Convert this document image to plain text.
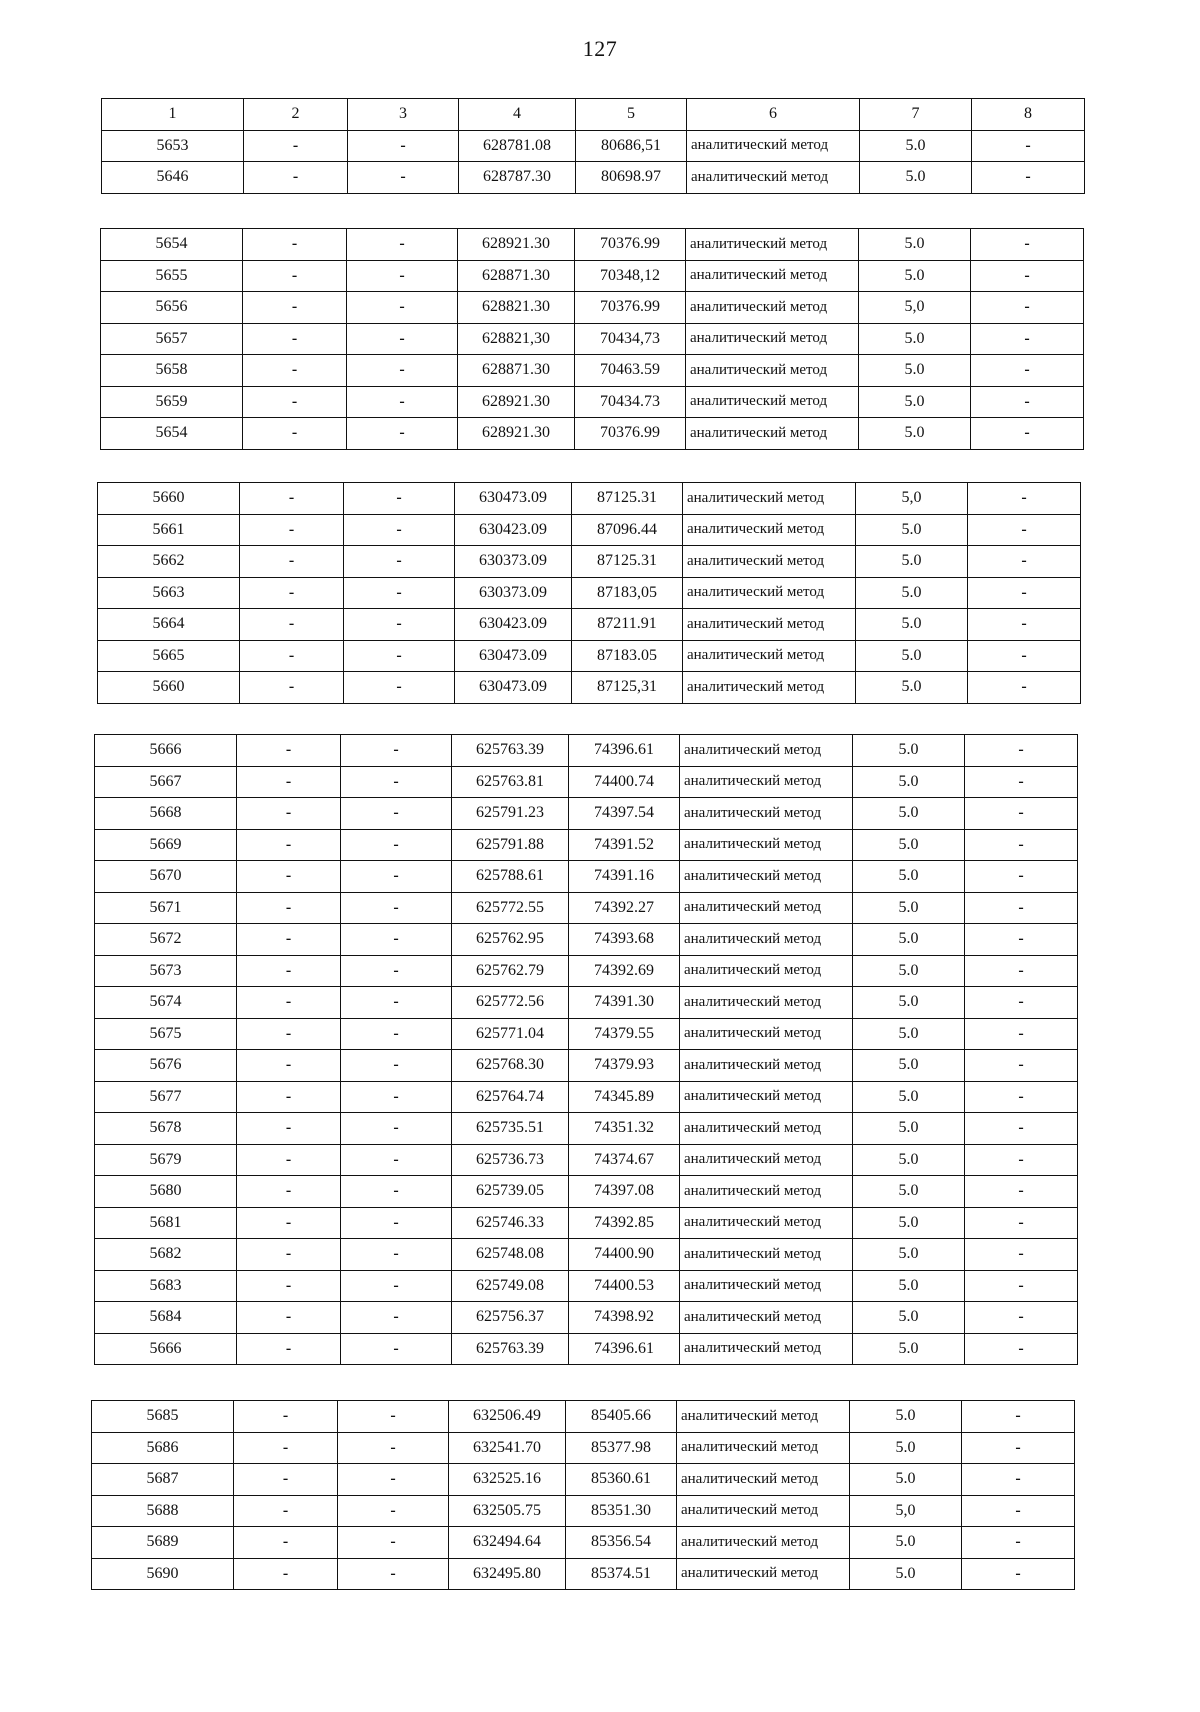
127
1	2	3	4	5	6	7	8
5653	-	-	628781.08	80686,51	аналитический метод	5.0	-
5646	-	-	628787.30	80698.97	аналитический метод	5.0	-
5654	-	-	628921.30	70376.99	аналитический метод	5.0	-
5655	-	-	628871.30	70348,12	аналитический метод	5.0	-
5656	-	-	628821.30	70376.99	аналитический метод	5,0	-
5657	-	-	628821,30	70434,73	аналитический метод	5.0	-
5658	-	-	628871.30	70463.59	аналитический метод	5.0	-
5659	-	-	628921.30	70434.73	аналитический метод	5.0	-
5654	-	-	628921.30	70376.99	аналитический метод	5.0	-
5660	-	-	630473.09	87125.31	аналитический метод	5,0	-
5661	-	-	630423.09	87096.44	аналитический метод	5.0	-
5662	-	-	630373.09	87125.31	аналитический метод	5.0	-
5663	-	-	630373.09	87183,05	аналитический метод	5.0	-
5664	-	-	630423.09	87211.91	аналитический метод	5.0	-
5665	-	-	630473.09	87183.05	аналитический метод	5.0	-
5660	-	-	630473.09	87125,31	аналитический метод	5.0	-
5666	-	-	625763.39	74396.61	аналитический метод	5.0	-
5667	-	-	625763.81	74400.74	аналитический метод	5.0	-
5668	-	-	625791.23	74397.54	аналитический метод	5.0	-
5669	-	-	625791.88	74391.52	аналитический метод	5.0	-
5670	-	-	625788.61	74391.16	аналитический метод	5.0	-
5671	-	-	625772.55	74392.27	аналитический метод	5.0	-
5672	-	-	625762.95	74393.68	аналитический метод	5.0	-
5673	-	-	625762.79	74392.69	аналитический метод	5.0	-
5674	-	-	625772.56	74391.30	аналитический метод	5.0	-
5675	-	-	625771.04	74379.55	аналитический метод	5.0	-
5676	-	-	625768.30	74379.93	аналитический метод	5.0	-
5677	-	-	625764.74	74345.89	аналитический метод	5.0	-
5678	-	-	625735.51	74351.32	аналитический метод	5.0	-
5679	-	-	625736.73	74374.67	аналитический метод	5.0	-
5680	-	-	625739.05	74397.08	аналитический метод	5.0	-
5681	-	-	625746.33	74392.85	аналитический метод	5.0	-
5682	-	-	625748.08	74400.90	аналитический метод	5.0	-
5683	-	-	625749.08	74400.53	аналитический метод	5.0	-
5684	-	-	625756.37	74398.92	аналитический метод	5.0	-
5666	-	-	625763.39	74396.61	аналитический метод	5.0	-
5685	-	-	632506.49	85405.66	аналитический метод	5.0	-
5686	-	-	632541.70	85377.98	аналитический метод	5.0	-
5687	-	-	632525.16	85360.61	аналитический метод	5.0	-
5688	-	-	632505.75	85351.30	аналитический метод	5,0	-
5689	-	-	632494.64	85356.54	аналитический метод	5.0	-
5690	-	-	632495.80	85374.51	аналитический метод	5.0	-
